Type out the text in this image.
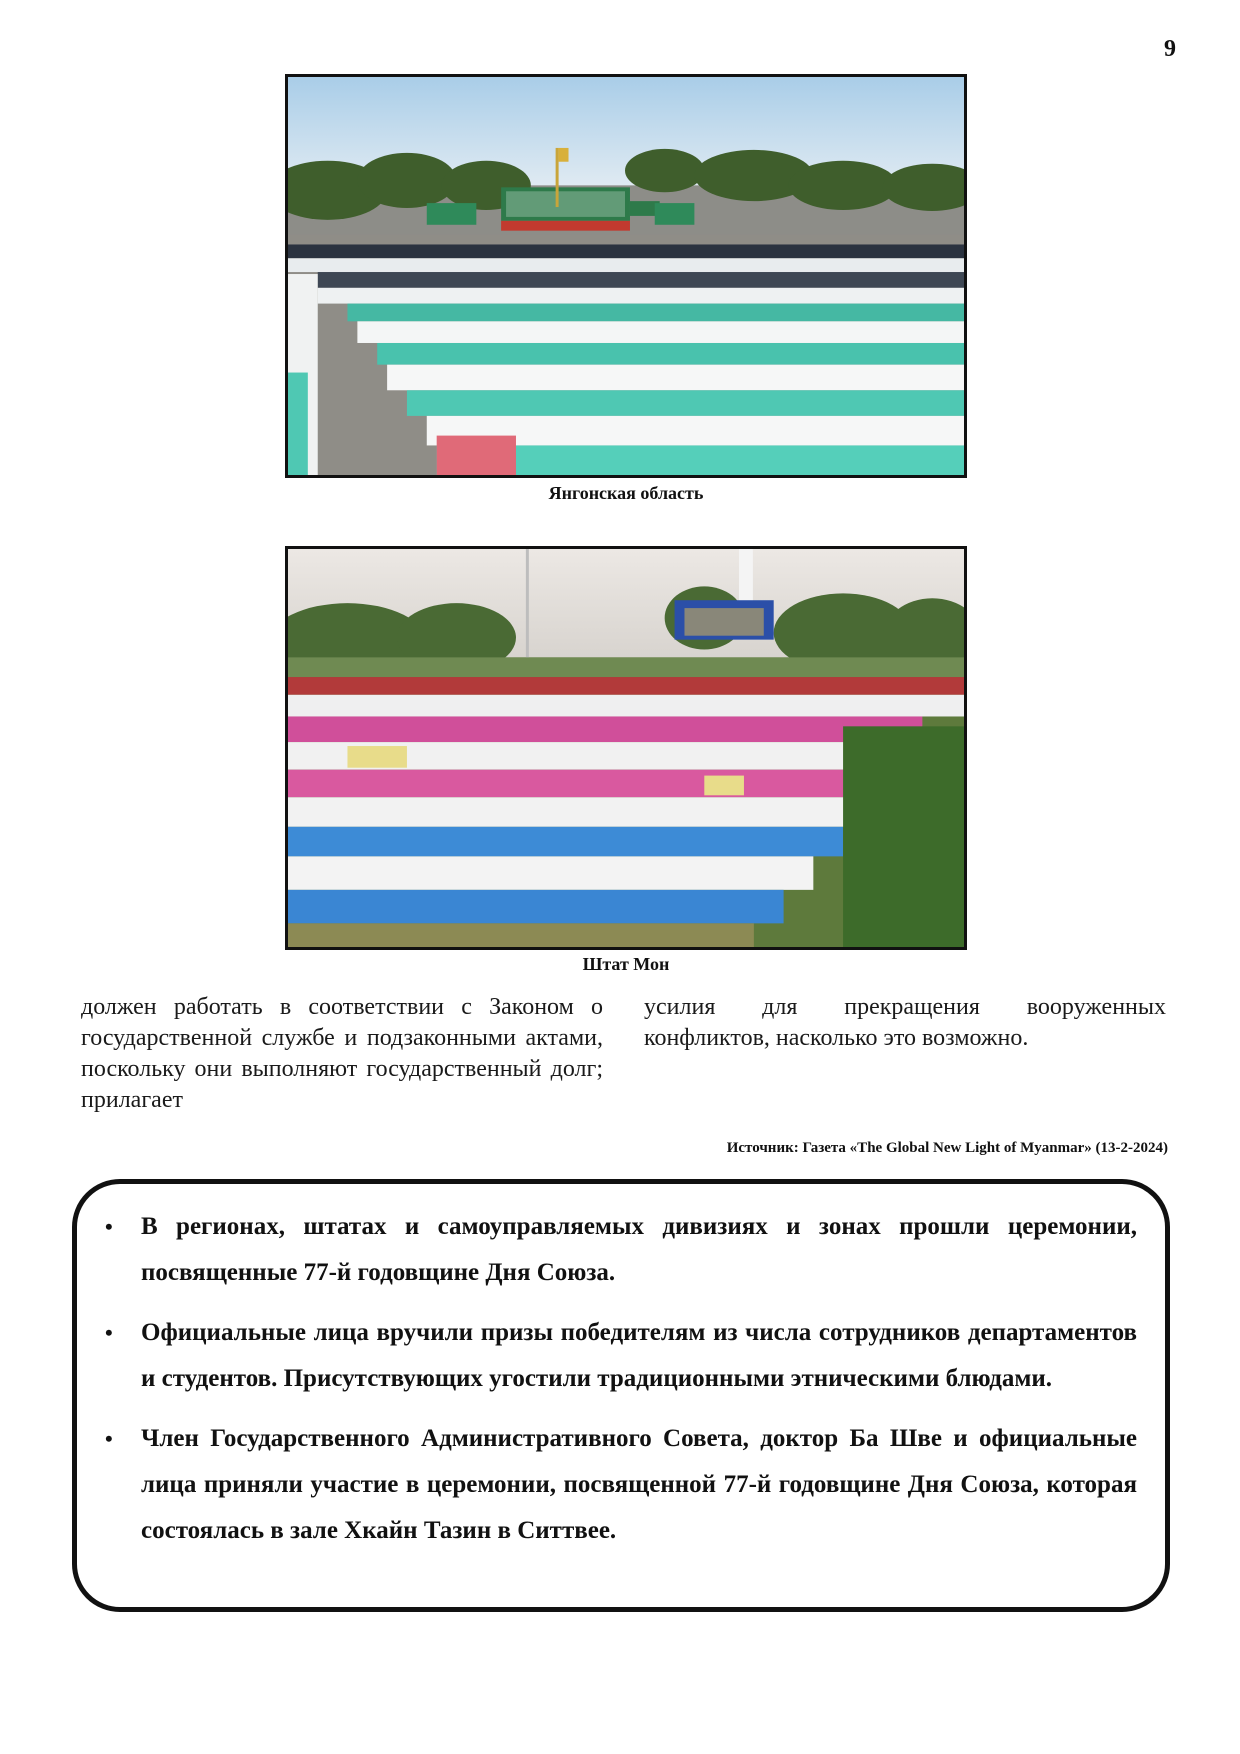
9
Янгонская область
Штат Мон
должен работать в соответствии с Законом о государственной службе и подзаконными актами, поскольку они выполняют государственный долг; прилагает
усилия для прекращения вооруженных конфликтов, насколько это возможно.
Источник: Газета «The Global New Light of Myanmar» (13-2-2024)
• В регионах, штатах и самоуправляемых дивизиях и зонах прошли церемонии, посвященные 77-й годовщине Дня Союза.
• Официальные лица вручили призы победителям из числа сотрудников департаментов и студентов. Присутствующих угостили традиционными этническими блюдами.
• Член Государственного Административного Совета, доктор Ба Шве и официальные лица приняли участие в церемонии, посвященной 77-й годовщине Дня Союза, которая состоялась в зале Хкайн Тазин в Ситтвее.
